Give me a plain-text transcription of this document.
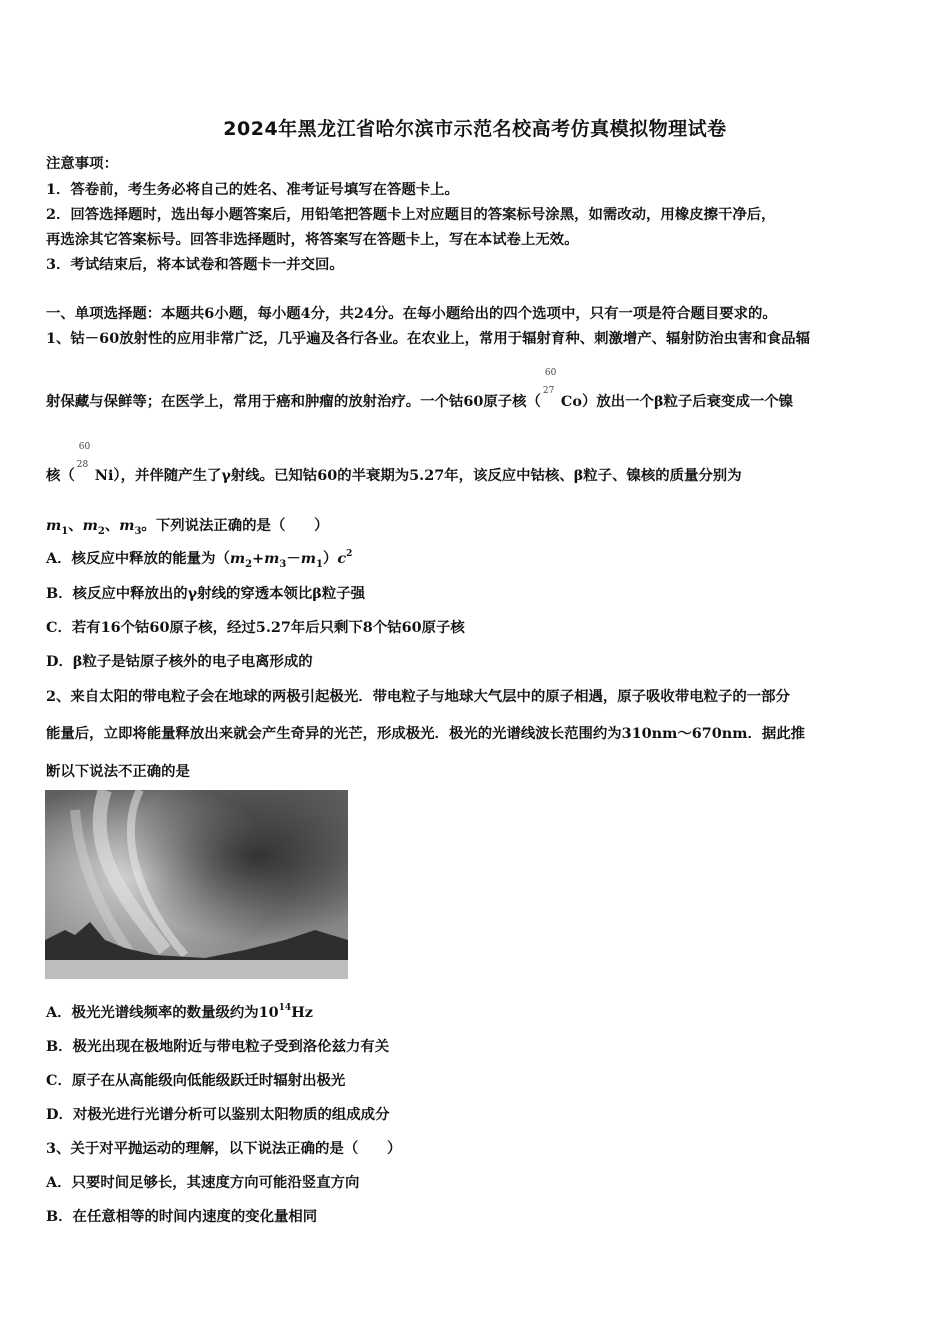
2024年黑龙江省哈尔滨市示范名校高考仿真模拟物理试卷
注意事项：
1．答卷前，考生务必将自己的姓名、准考证号填写在答题卡上。
2．回答选择题时，选出每小题答案后，用铅笔把答题卡上对应题目的答案标号涂黑，如需改动，用橡皮擦干净后，
再选涂其它答案标号。回答非选择题时，将答案写在答题卡上，写在本试卷上无效。
3．考试结束后，将本试卷和答题卡一并交回。
一、单项选择题：本题共6小题，每小题4分，共24分。在每小题给出的四个选项中，只有一项是符合题目要求的。
1、钴－60放射性的应用非常广泛，几乎遍及各行各业。在农业上，常用于辐射育种、刺激增产、辐射防治虫害和食品辐
射保藏与保鲜等；在医学上，常用于癌和肿瘤的放射治疗。一个钴60原子核（
60
27
Co）放出一个β粒子后衰变成一个镍
核（
60
28
Ni），并伴随产生了γ射线。已知钴60的半衰期为5.27年，该反应中钴核、β粒子、镍核的质量分别为
$m_1$、$m_2$、$m_3$。下列说法正确的是（　　）
A．核反应中释放的能量为$(m_2+m_3-m_1)c^2$
B．核反应中释放出的γ射线的穿透本领比β粒子强
C．若有16个钴60原子核，经过5.27年后只剩下8个钴60原子核
D．β粒子是钴原子核外的电子电离形成的
2、来自太阳的带电粒子会在地球的两极引起极光．带电粒子与地球大气层中的原子相遇，原子吸收带电粒子的一部分
能量后，立即将能量释放出来就会产生奇异的光芒，形成极光．极光的光谱线波长范围约为310nm～670nm．据此推
断以下说法不正确的是
A．极光光谱线频率的数量级约为$10^{14}Hz$
B．极光出现在极地附近与带电粒子受到洛伦兹力有关
C．原子在从高能级向低能级跃迁时辐射出极光
D．对极光进行光谱分析可以鉴别太阳物质的组成成分
3、关于对平抛运动的理解，以下说法正确的是（　　）
A．只要时间足够长，其速度方向可能沿竖直方向
B．在任意相等的时间内速度的变化量相同
